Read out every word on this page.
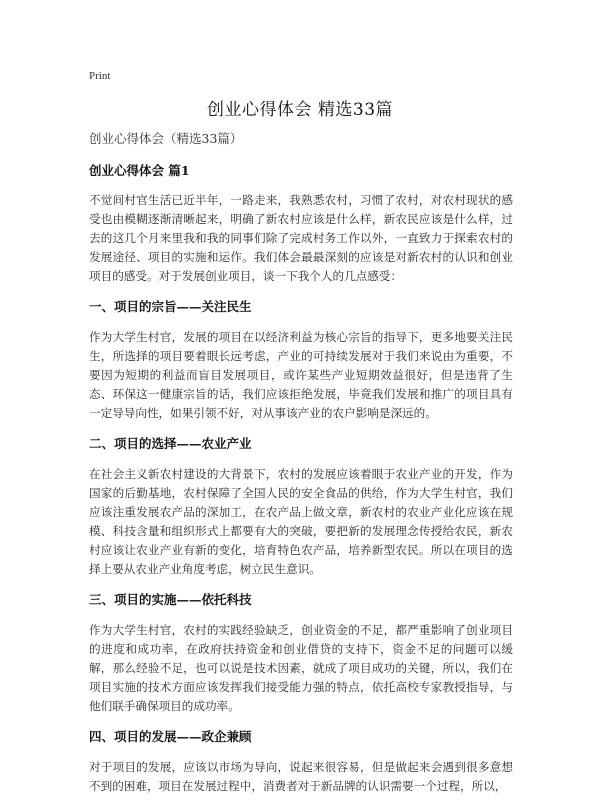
Print
创业心得体会 精选33篇

创业心得体会（精选33篇）

创业心得体会 篇1

不觉间村官生活已近半年，一路走来，我熟悉农村，习惯了农村，对农村现状的感受也由模糊逐渐清晰起来，明确了新农村应该是什么样，新农民应该是什么样，过去的这几个月来里我和我的同事们除了完成村务工作以外，一直致力于探索农村的发展途径、项目的实施和运作。我们体会最最深刻的应该是对新农村的认识和创业项目的感受。对于发展创业项目，谈一下我个人的几点感受：

一、项目的宗旨——关注民生

作为大学生村官，发展的项目在以经济利益为核心宗旨的指导下，更多地要关注民生，所选择的项目要着眼长远考虑，产业的可持续发展对于我们来说由为重要，不要因为短期的利益而盲目发展项目，或许某些产业短期效益很好，但是违背了生态、环保这一健康宗旨的话，我们应该拒绝发展，毕竟我们发展和推广的项目具有一定导导向性，如果引领不好，对从事该产业的农户影响是深远的。

二、项目的选择——农业产业

在社会主义新农村建设的大背景下，农村的发展应该着眼于农业产业的开发，作为国家的后勤基地，农村保障了全国人民的安全食品的供给，作为大学生村官，我们应该注重发展农产品的深加工，在农产品上做文章，新农村的农业产业化应该在规模、科技含量和组织形式上都要有大的突破，要把新的发展理念传授给农民，新农村应该让农业产业有新的变化，培育特色农产品，培养新型农民。所以在项目的选择上要从农业产业角度考虑，树立民生意识。

三、项目的实施——依托科技

作为大学生村官，农村的实践经验缺乏，创业资金的不足，都严重影响了创业项目的进度和成功率，在政府扶持资金和创业借贷的支持下，资金不足的问题可以缓解，那么经验不足，也可以说是技术因素，就成了项目成功的关键，所以，我们在项目实施的技术方面应该发挥我们接受能力强的特点，依托高校专家教授指导，与他们联手确保项目的成功率。

四、项目的发展——政企兼顾

对于项目的发展，应该以市场为导向，说起来很容易，但是做起来会遇到很多意想不到的困难，项目在发展过程中，消费者对于新品牌的认识需要一个过程，所以，
